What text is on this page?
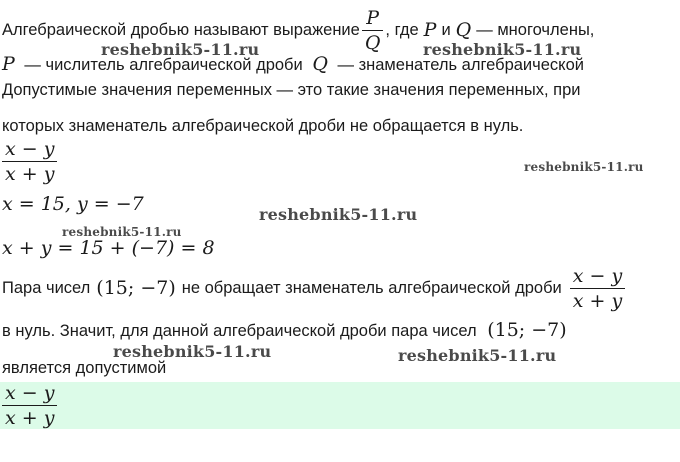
Алгебраической дробью называют выражение $\frac{P}{Q}$ , где P и Q — многочлены,
P — числитель алгебраической дроби Q — знаменатель алгебраической
Допустимые значения переменных — это такие значения переменных, при
которых знаменатель алгебраической дроби не обращается в нуль.
$\frac{x - y}{x + y}$
x = 15, y = −7
x + y = 15 + (−7) = 8
Пара чисел (15; −7) не обращает знаменатель алгебраической дроби $\frac{x - y}{x + y}$
в нуль. Значит, для данной алгебраической дроби пара чисел (15; −7)
является допустимой
$\frac{x - y}{x + y}$
reshebnik5-11.ru	reshebnik5-11.ru
reshebnik5-11.ru
reshebnik5-11.ru
reshebnik5-11.ru
reshebnik5-11.ru	reshebnik5-11.ru
